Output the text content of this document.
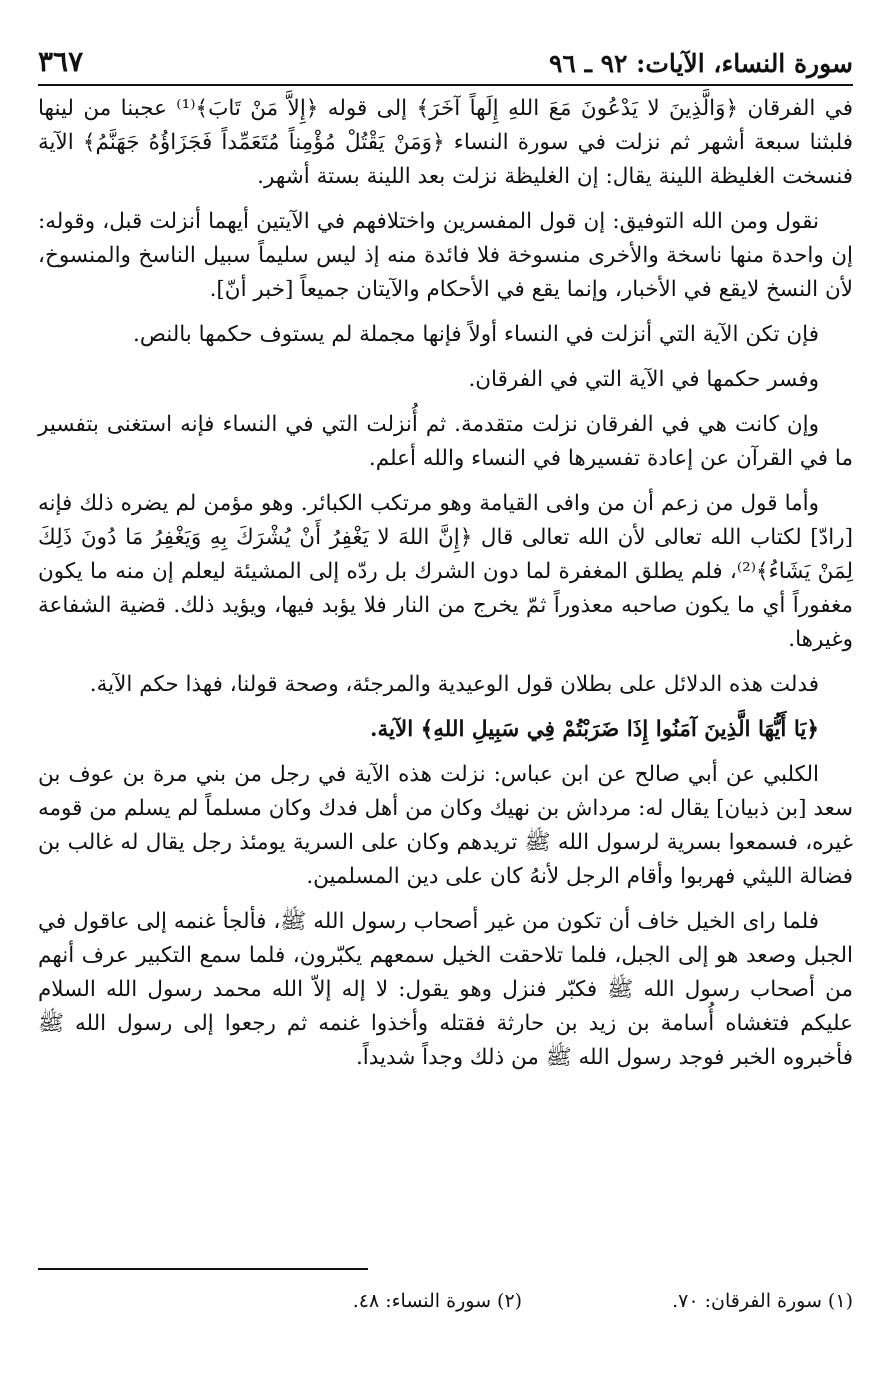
سورة النساء، الآيات: ٩٢ ـ ٩٦
٣٦٧

في الفرقان ﴿وَالَّذِينَ لا يَدْعُونَ مَعَ اللهِ إِلَهاً آخَرَ﴾ إلى قوله ﴿إِلاَّ مَنْ تَابَ﴾⁽¹⁾ عجبنا من لينها فلبثنا سبعة أشهر ثم نزلت في سورة النساء ﴿وَمَنْ يَقْتُلْ مُؤْمِناً مُتَعَمِّداً فَجَزَاؤُهُ جَهَنَّمُ﴾ الآية فنسخت الغليظة اللينة يقال: إن الغليظة نزلت بعد اللينة بستة أشهر.

نقول ومن الله التوفيق: إن قول المفسرين واختلافهم في الآيتين أيهما أنزلت قبل، وقوله: إن واحدة منها ناسخة والأخرى منسوخة فلا فائدة منه إذ ليس سليماً سبيل الناسخ والمنسوخ، لأن النسخ لايقع في الأخبار، وإنما يقع في الأحكام والآيتان جميعاً [خبر أنّ].

فإن تكن الآية التي أنزلت في النساء أولاً فإنها مجملة لم يستوف حكمها بالنص.

وفسر حكمها في الآية التي في الفرقان.

وإن كانت هي في الفرقان نزلت متقدمة. ثم أُنزلت التي في النساء فإنه استغنى بتفسير ما في القرآن عن إعادة تفسيرها في النساء والله أعلم.

وأما قول من زعم أن من وافى القيامة وهو مرتكب الكبائر. وهو مؤمن لم يضره ذلك فإنه [رادّ] لكتاب الله تعالى لأن الله تعالى قال ﴿إِنَّ اللهَ لا يَغْفِرُ أَنْ يُشْرَكَ بِهِ وَيَغْفِرُ مَا دُونَ ذَلِكَ لِمَنْ يَشَاءُ﴾⁽²⁾، فلم يطلق المغفرة لما دون الشرك بل ردّه إلى المشيئة ليعلم إن منه ما يكون مغفوراً أي ما يكون صاحبه معذوراً ثمّ يخرج من النار فلا يؤبد فيها، ويؤيد ذلك. قضية الشفاعة وغيرها.

فدلت هذه الدلائل على بطلان قول الوعيدية والمرجئة، وصحة قولنا، فهذا حكم الآية.

﴿يَا أَيُّهَا الَّذِينَ آمَنُوا إِذَا ضَرَبْتُمْ فِي سَبِيلِ اللهِ﴾ الآية.

الكلبي عن أبي صالح عن ابن عباس: نزلت هذه الآية في رجل من بني مرة بن عوف بن سعد [بن ذبيان] يقال له: مرداش بن نهيك وكان من أهل فدك وكان مسلماً لم يسلم من قومه غيره، فسمعوا بسرية لرسول الله ﷺ تريدهم وكان على السرية يومئذ رجل يقال له غالب بن فضالة الليثي فهربوا وأقام الرجل لأنهُ كان على دين المسلمين.

فلما راى الخيل خاف أن تكون من غير أصحاب رسول الله ﷺ، فألجأ غنمه إلى عاقول في الجبل وصعد هو إلى الجبل، فلما تلاحقت الخيل سمعهم يكبّرون، فلما سمع التكبير عرف أنهم من أصحاب رسول الله ﷺ فكبّر فنزل وهو يقول: لا إله إلاّ الله محمد رسول الله السلام عليكم فتغشاه أُسامة بن زيد بن حارثة فقتله وأخذوا غنمه ثم رجعوا إلى رسول الله ﷺ فأخبروه الخبر فوجد رسول الله ﷺ من ذلك وجداً شديداً.

(١) سورة الفرقان: ٧٠.
(٢) سورة النساء: ٤٨.
